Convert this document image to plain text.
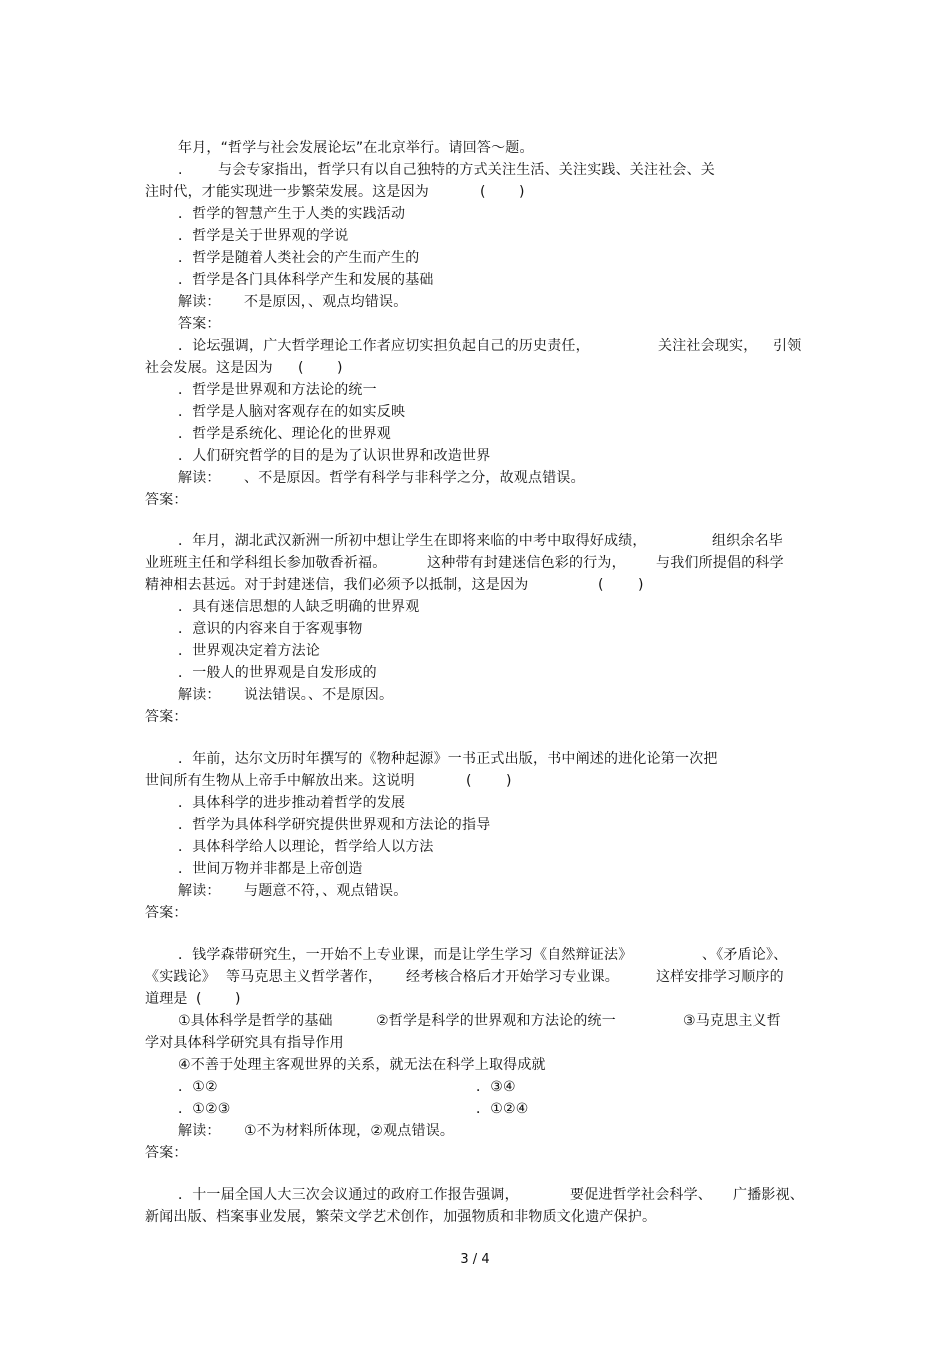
年月，“哲学与社会发展论坛”在北京举行。请回答～题。
.	与会专家指出，哲学只有以自己独特的方式关注生活、关注实践、关注社会、关
注时代，才能实现进一步繁荣发展。这是因为	( )
．哲学的智慧产生于人类的实践活动
．哲学是关于世界观的学说
．哲学是随着人类社会的产生而产生的
．哲学是各门具体科学产生和发展的基础
解读： 不是原因，、观点均错误。
答案：
．论坛强调，广大哲学理论工作者应切实担负起自己的历史责任，	关注社会现实， 引领
社会发展。这是因为 ( )
．哲学是世界观和方法论的统一
．哲学是人脑对客观存在的如实反映
．哲学是系统化、理论化的世界观
．人们研究哲学的目的是为了认识世界和改造世界
解读： 、不是原因。哲学有科学与非科学之分，故观点错误。
答案：
．年月，湖北武汉新洲一所初中想让学生在即将来临的中考中取得好成绩，	组织余名毕
业班班主任和学科组长参加敬香祈福。	这种带有封建迷信色彩的行为， 与我们所提倡的科学
精神相去甚远。对于封建迷信，我们必须予以抵制，这是因为	( )
．具有迷信思想的人缺乏明确的世界观
．意识的内容来自于客观事物
．世界观决定着方法论
．一般人的世界观是自发形成的
解读： 说法错误。、不是原因。
答案：
．年前，达尔文历时年撰写的《物种起源》一书正式出版，书中阐述的进化论第一次把
世间所有生物从上帝手中解放出来。这说明	( )
．具体科学的进步推动着哲学的发展
．哲学为具体科学研究提供世界观和方法论的指导
．具体科学给人以理论，哲学给人以方法
．世间万物并非都是上帝创造
解读： 与题意不符，、观点错误。
答案：
．钱学森带研究生，一开始不上专业课，而是让学生学习《自然辩证法》	、《矛盾论》、
《实践论》 等马克思主义哲学著作， 经考核合格后才开始学习专业课。	这样安排学习顺序的
道理是 ( )
①具体科学是哲学的基础	②哲学是科学的世界观和方法论的统一	③马克思主义哲
学对具体科学研究具有指导作用
④不善于处理主客观世界的关系，就无法在科学上取得成就
．①②	．③④
．①②③	．①②④
解读： ①不为材料所体现，②观点错误。
答案：
．十一届全国人大三次会议通过的政府工作报告强调，	要促进哲学社会科学、 广播影视、
新闻出版、档案事业发展，繁荣文学艺术创作，加强物质和非物质文化遗产保护。
3 / 4
